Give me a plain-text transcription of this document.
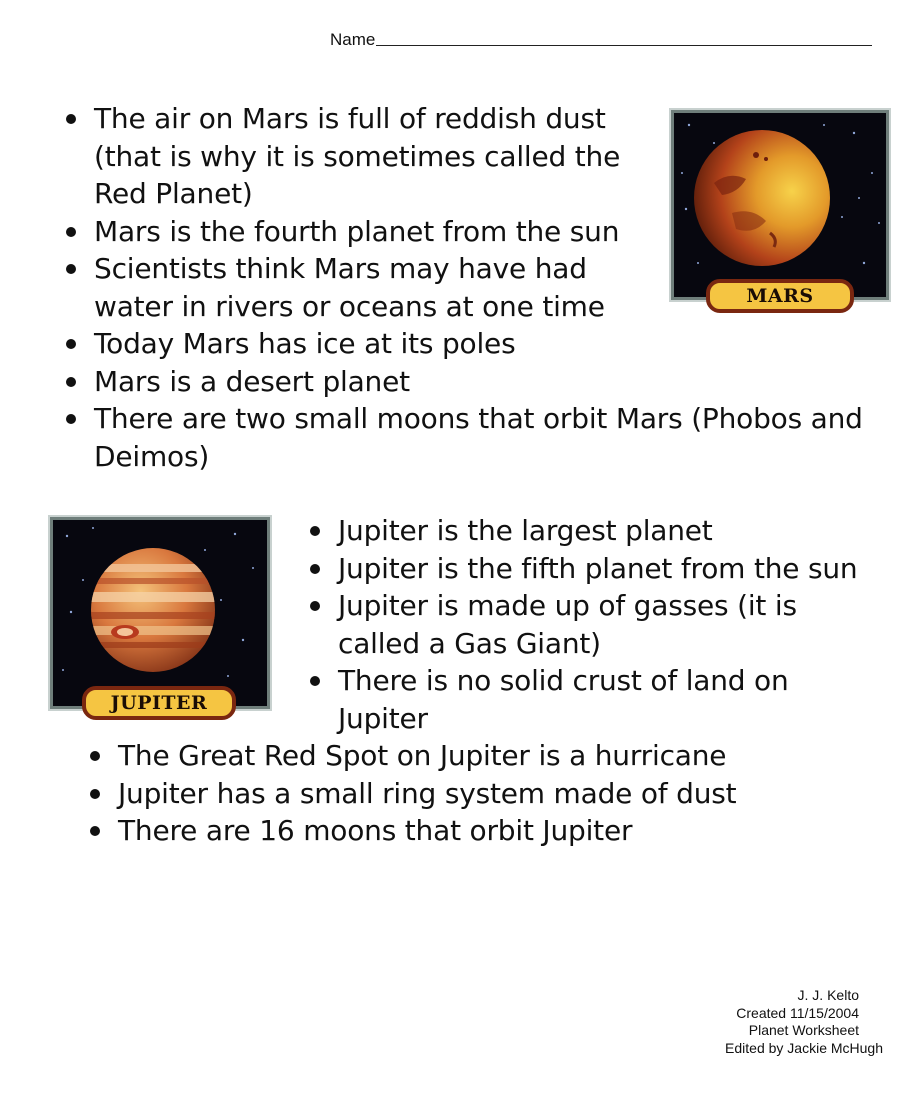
Name
The air on Mars is full of reddish dust (that is why it is sometimes called the Red Planet)
Mars is the fourth planet from the sun
Scientists think Mars may have had water in rivers or oceans at one time
Today Mars has ice at its poles
Mars is a desert planet
There are two small moons that orbit Mars (Phobos and Deimos)
MARS
JUPITER
Jupiter is the largest planet
Jupiter is the fifth planet from the sun
Jupiter is made up of gasses (it is called a Gas Giant)
There is no solid crust of land on Jupiter
The Great Red Spot on Jupiter is a hurricane
Jupiter has a small ring system made of dust
There are 16 moons that orbit Jupiter
J. J. Kelto
Created 11/15/2004
Planet Worksheet
Edited by Jackie McHugh
